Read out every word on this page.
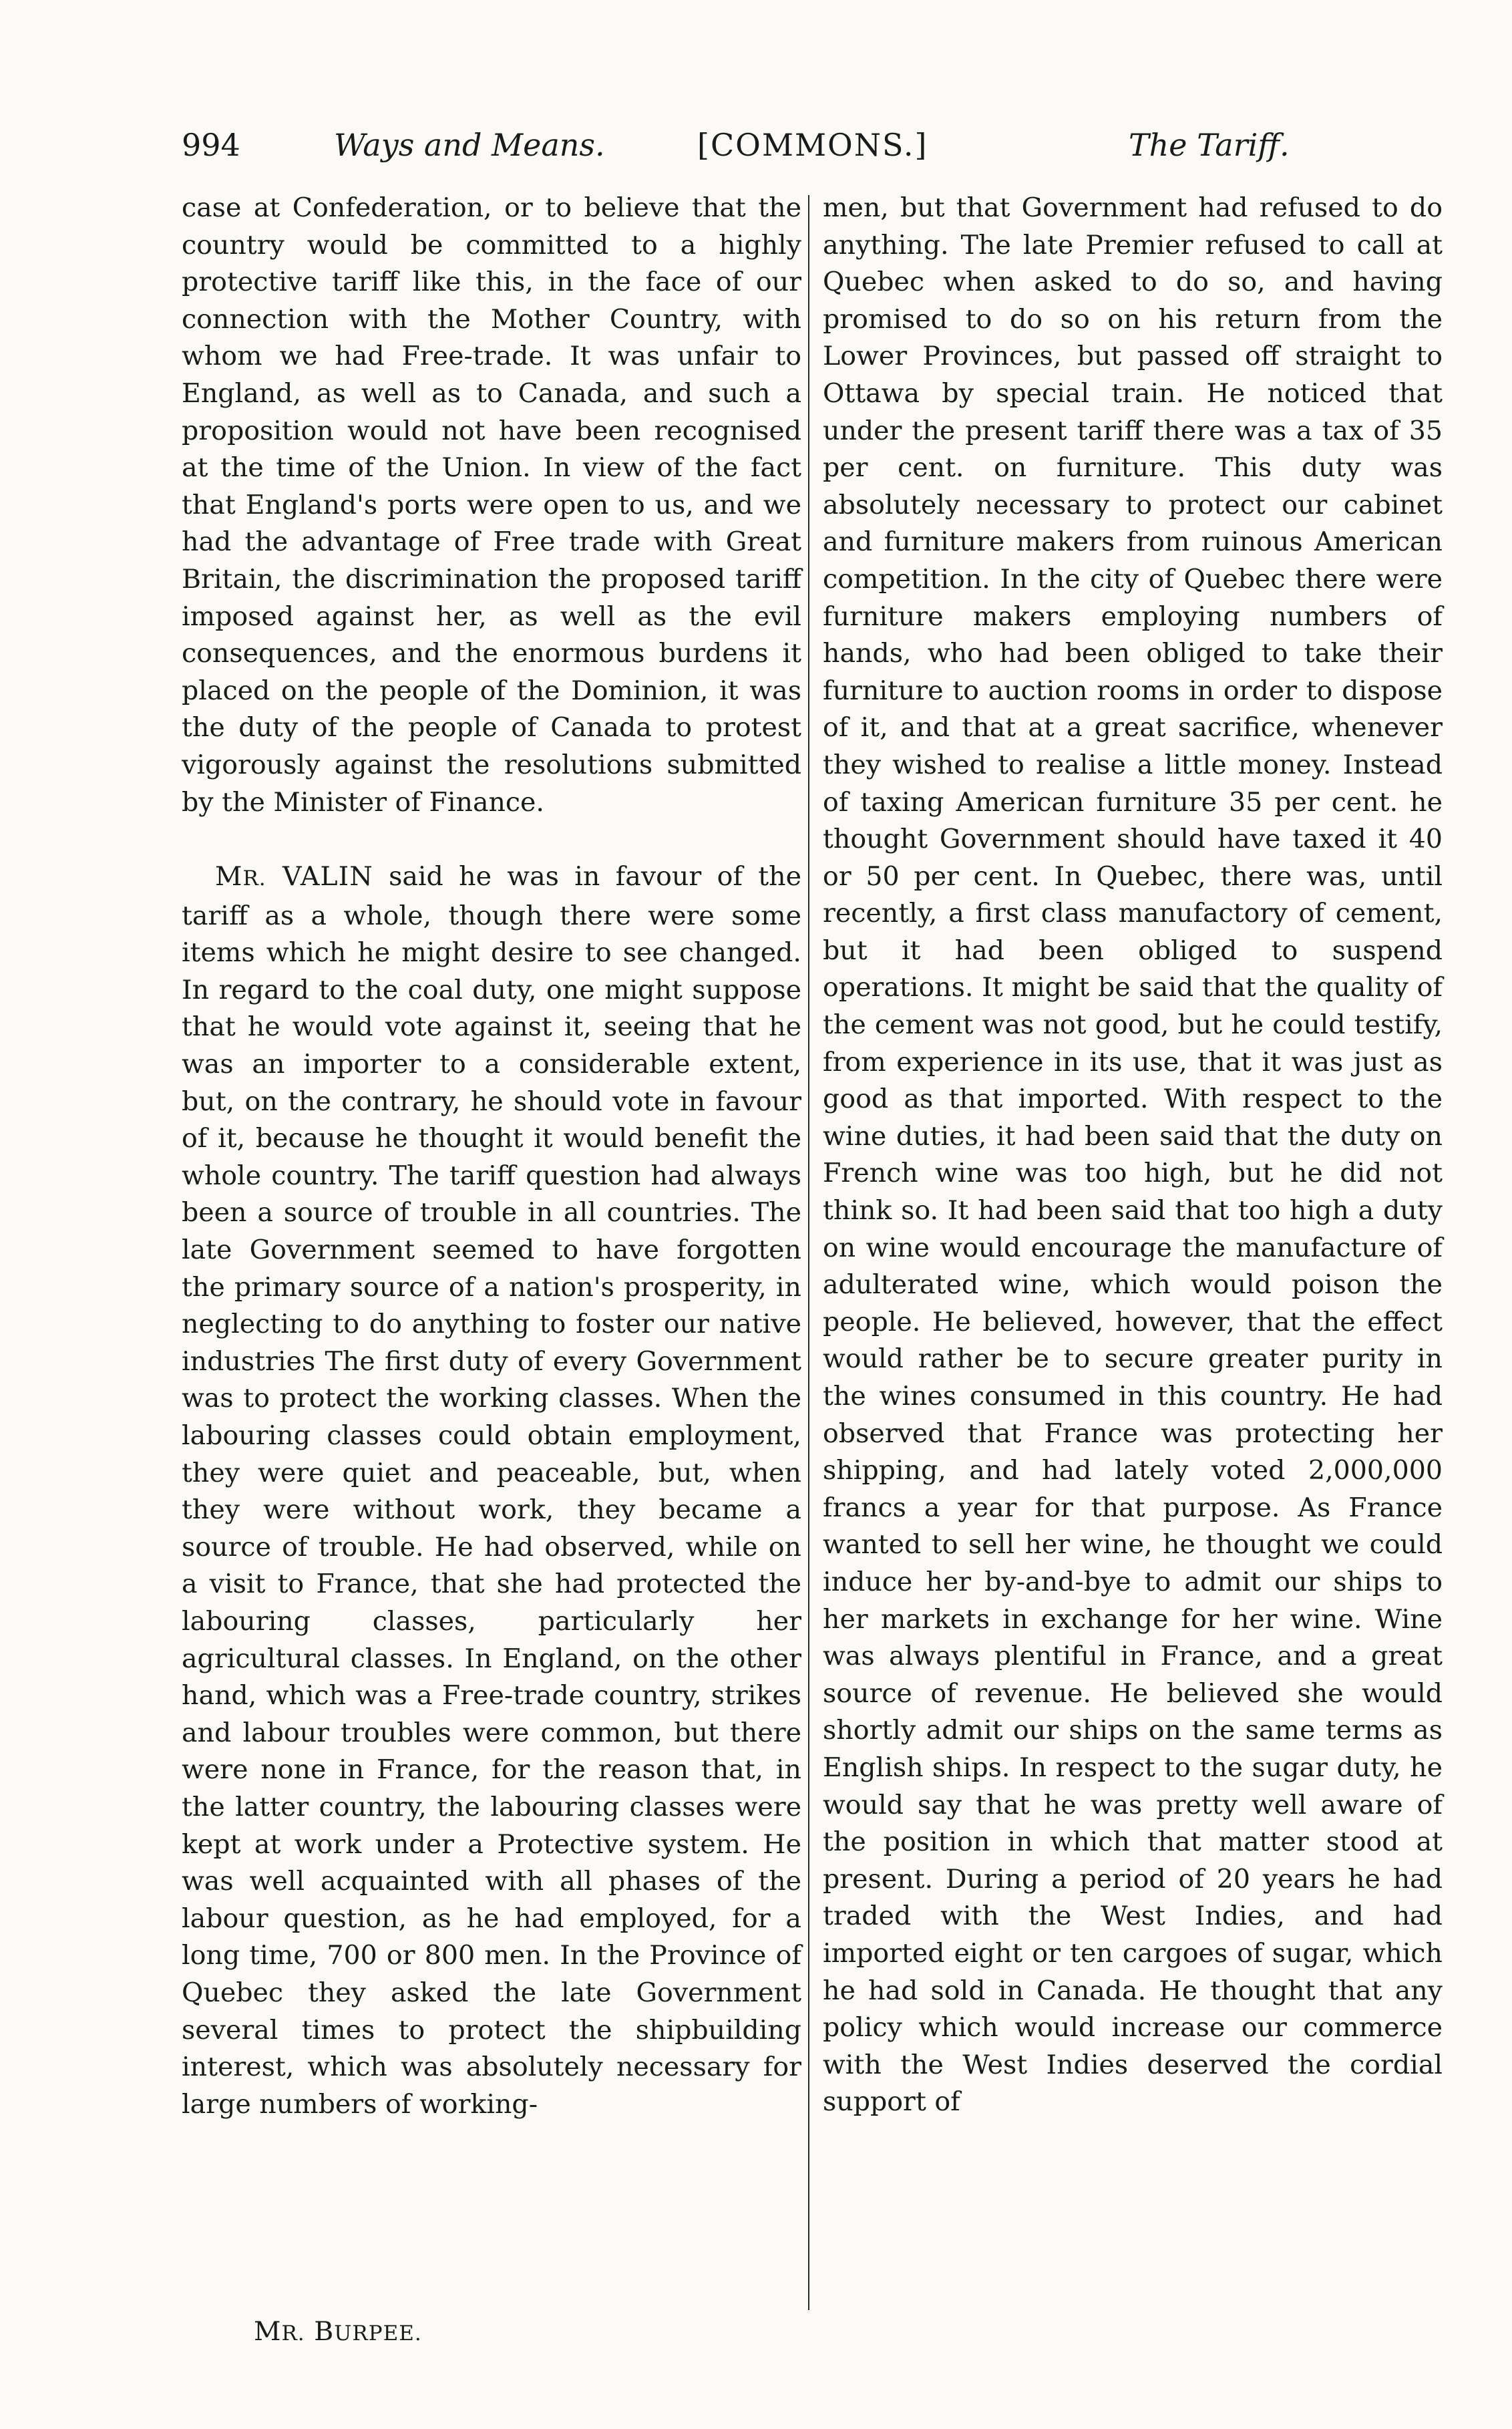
994	Ways and Means.	[COMMONS.]	The Tariff.

case at Confederation, or to believe that the country would be committed to a highly protective tariff like this, in the face of our connection with the Mother Country, with whom we had Free-trade. It was unfair to England, as well as to Canada, and such a proposition would not have been recognised at the time of the Union. In view of the fact that England's ports were open to us, and we had the advantage of Free trade with Great Britain, the discrimination the proposed tariff imposed against her, as well as the evil consequences, and the enormous burdens it placed on the people of the Dominion, it was the duty of the people of Canada to protest vigorously against the resolutions submitted by the Minister of Finance.

MR. VALIN said he was in favour of the tariff as a whole, though there were some items which he might desire to see changed. In regard to the coal duty, one might suppose that he would vote against it, seeing that he was an importer to a considerable extent, but, on the contrary, he should vote in favour of it, because he thought it would benefit the whole country. The tariff question had always been a source of trouble in all countries. The late Government seemed to have forgotten the primary source of a nation's prosperity, in neglecting to do anything to foster our native industries The first duty of every Government was to protect the working classes. When the labouring classes could obtain employment, they were quiet and peaceable, but, when they were without work, they became a source of trouble. He had observed, while on a visit to France, that she had protected the labouring classes, particularly her agricultural classes. In England, on the other hand, which was a Free-trade country, strikes and labour troubles were common, but there were none in France, for the reason that, in the latter country, the labouring classes were kept at work under a Protective system. He was well acquainted with all phases of the labour question, as he had employed, for a long time, 700 or 800 men. In the Province of Quebec they asked the late Government several times to protect the shipbuilding interest, which was absolutely necessary for large numbers of working-

men, but that Government had refused to do anything. The late Premier refused to call at Quebec when asked to do so, and having promised to do so on his return from the Lower Provinces, but passed off straight to Ottawa by special train. He noticed that under the present tariff there was a tax of 35 per cent. on furniture. This duty was absolutely necessary to protect our cabinet and furniture makers from ruinous American competition. In the city of Quebec there were furniture makers employing numbers of hands, who had been obliged to take their furniture to auction rooms in order to dispose of it, and that at a great sacrifice, whenever they wished to realise a little money. Instead of taxing American furniture 35 per cent. he thought Government should have taxed it 40 or 50 per cent. In Quebec, there was, until recently, a first class manufactory of cement, but it had been obliged to suspend operations. It might be said that the quality of the cement was not good, but he could testify, from experience in its use, that it was just as good as that imported. With respect to the wine duties, it had been said that the duty on French wine was too high, but he did not think so. It had been said that too high a duty on wine would encourage the manufacture of adulterated wine, which would poison the people. He believed, however, that the effect would rather be to secure greater purity in the wines consumed in this country. He had observed that France was protecting her shipping, and had lately voted 2,000,000 francs a year for that purpose. As France wanted to sell her wine, he thought we could induce her by-and-bye to admit our ships to her markets in exchange for her wine. Wine was always plentiful in France, and a great source of revenue. He believed she would shortly admit our ships on the same terms as English ships. In respect to the sugar duty, he would say that he was pretty well aware of the position in which that matter stood at present. During a period of 20 years he had traded with the West Indies, and had imported eight or ten cargoes of sugar, which he had sold in Canada. He thought that any policy which would increase our commerce with the West Indies deserved the cordial support of

MR. BURPEE.
